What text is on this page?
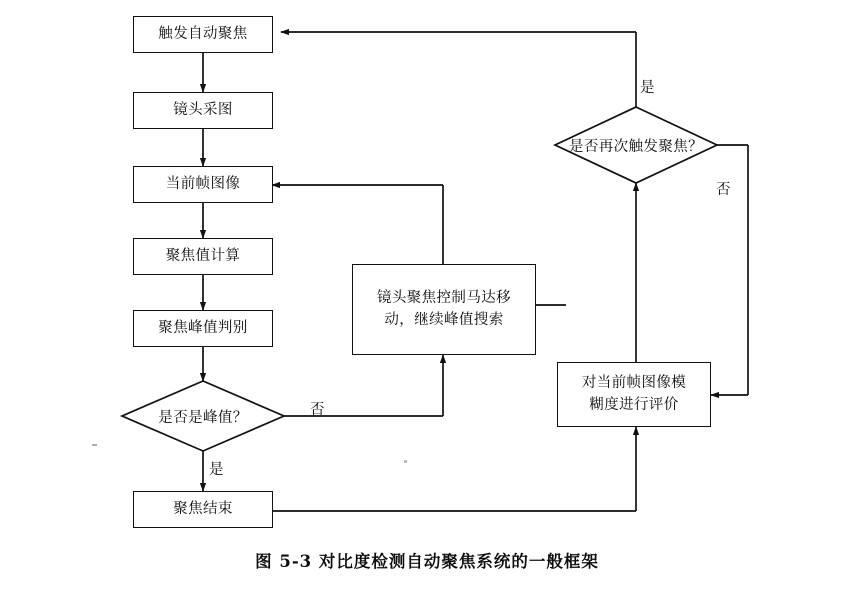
触发自动聚焦
镜头采图
当前帧图像
聚焦值计算
聚焦峰值判别
聚焦结束
镜头聚焦控制马达移
动，继续峰值搜索
对当前帧图像模
糊度进行评价
是否是峰值？
是否再次触发聚焦？
否
是
是
否
图 5-3 对比度检测自动聚焦系统的一般框架
